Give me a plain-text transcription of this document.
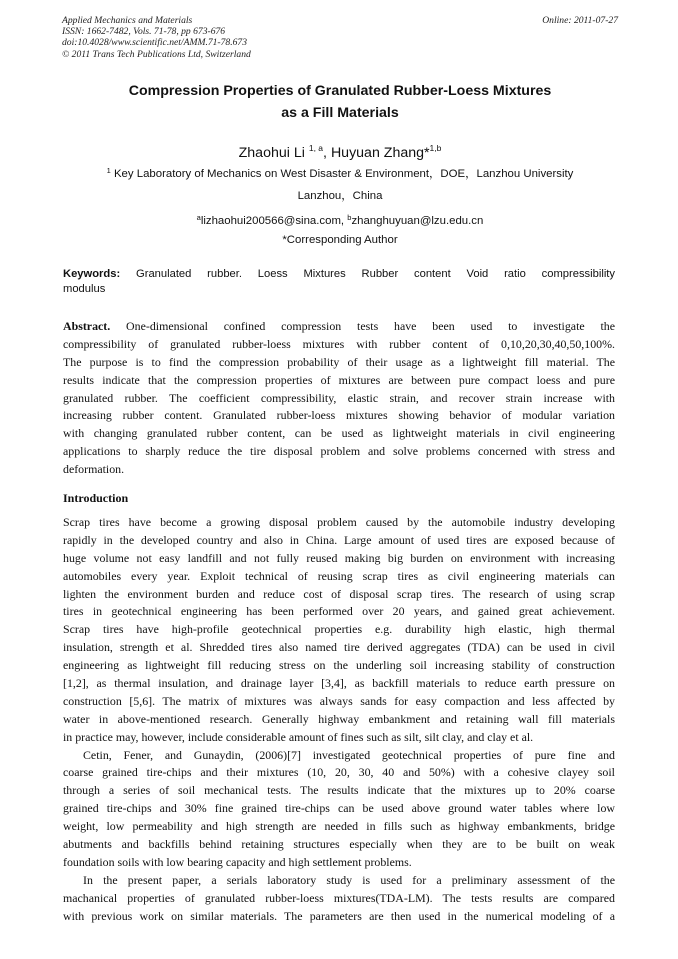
Applied Mechanics and Materials
ISSN: 1662-7482, Vols. 71-78, pp 673-676
doi:10.4028/www.scientific.net/AMM.71-78.673
© 2011 Trans Tech Publications Ltd, Switzerland
Online: 2011-07-27
Compression Properties of Granulated Rubber-Loess Mixtures
as a Fill Materials
Zhaohui Li $^{1, a}$, Huyuan Zhang*$^{1,b}$
$^1$ Key Laboratory of Mechanics on West Disaster & Environment，DOE，Lanzhou University
Lanzhou，China
$^a$lizhaohui200566@sina.com, $^b$zhanghuyuan@lzu.edu.cn
*Corresponding Author
Keywords: Granulated rubber. Loess Mixtures Rubber content Void ratio compressibility
modulus
Abstract. One-dimensional confined compression tests have been used to investigate the
compressibility of granulated rubber-loess mixtures with rubber content of 0,10,20,30,40,50,100%.
The purpose is to find the compression probability of their usage as a lightweight fill material. The
results indicate that the compression properties of mixtures are between pure compact loess and pure
granulated rubber. The coefficient compressibility, elastic strain, and recover strain increase with
increasing rubber content. Granulated rubber-loess mixtures showing behavior of modular variation
with changing granulated rubber content, can be used as lightweight materials in civil engineering
applications to sharply reduce the tire disposal problem and solve problems concerned with stress and
deformation.
Introduction
Scrap tires have become a growing disposal problem caused by the automobile industry developing
rapidly in the developed country and also in China. Large amount of used tires are exposed because of
huge volume not easy landfill and not fully reused making big burden on environment with increasing
automobiles every year. Exploit technical of reusing scrap tires as civil engineering materials can
lighten the environment burden and reduce cost of disposal scrap tires. The research of using scrap
tires in geotechnical engineering has been performed over 20 years, and gained great achievement.
Scrap tires have high-profile geotechnical properties e.g. durability high elastic, high thermal
insulation, strength et al. Shredded tires also named tire derived aggregates (TDA) can be used in civil
engineering as lightweight fill reducing stress on the underling soil increasing stability of construction
[1,2], as thermal insulation, and drainage layer [3,4], as backfill materials to reduce earth pressure on
construction [5,6]. The matrix of mixtures was always sands for easy compaction and less affected by
water in above-mentioned research. Generally highway embankment and retaining wall fill materials
in practice may, however, include considerable amount of fines such as silt, silt clay, and clay et al.
Cetin, Fener, and Gunaydin, (2006)[7] investigated geotechnical properties of pure fine and
coarse grained tire-chips and their mixtures (10, 20, 30, 40 and 50%) with a cohesive clayey soil
through a series of soil mechanical tests. The results indicate that the mixtures up to 20% coarse
grained tire-chips and 30% fine grained tire-chips can be used above ground water tables where low
weight, low permeability and high strength are needed in fills such as highway embankments, bridge
abutments and backfills behind retaining structures especially when they are to be built on weak
foundation soils with low bearing capacity and high settlement problems.
In the present paper, a serials laboratory study is used for a preliminary assessment of the
machanical properties of granulated rubber-loess mixtures(TDA-LM). The tests results are compared
with previous work on similar materials. The parameters are then used in the numerical modeling of a
